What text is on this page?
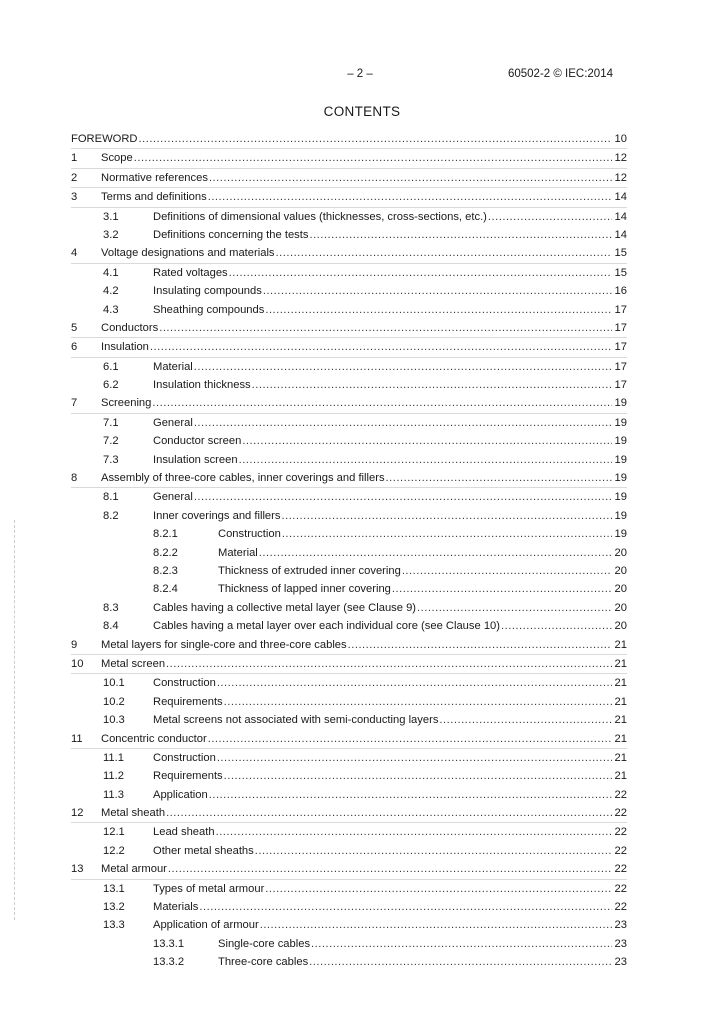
– 2 –	60502-2 © IEC:2014
CONTENTS
FOREWORD .....	10
1 Scope .....	12
2 Normative references .....	12
3 Terms and definitions .....	14
3.1	Definitions of dimensional values (thicknesses, cross-sections, etc.) .....	14
3.2	Definitions concerning the tests .....	14
4 Voltage designations and materials .....	15
4.1	Rated voltages .....	15
4.2	Insulating compounds .....	16
4.3	Sheathing compounds .....	17
5 Conductors .....	17
6 Insulation .....	17
6.1	Material .....	17
6.2	Insulation thickness .....	17
7 Screening .....	19
7.1	General .....	19
7.2	Conductor screen .....	19
7.3	Insulation screen .....	19
8 Assembly of three-core cables, inner coverings and fillers .....	19
8.1	General .....	19
8.2	Inner coverings and fillers .....	19
8.2.1	Construction .....	19
8.2.2	Material .....	20
8.2.3	Thickness of extruded inner covering .....	20
8.2.4	Thickness of lapped inner covering .....	20
8.3	Cables having a collective metal layer (see Clause 9) .....	20
8.4	Cables having a metal layer over each individual core (see Clause 10) .....	20
9 Metal layers for single-core and three-core cables .....	21
10 Metal screen .....	21
10.1	Construction .....	21
10.2	Requirements .....	21
10.3	Metal screens not associated with semi-conducting layers .....	21
11 Concentric conductor .....	21
11.1	Construction .....	21
11.2	Requirements .....	21
11.3	Application .....	22
12 Metal sheath .....	22
12.1	Lead sheath .....	22
12.2	Other metal sheaths .....	22
13 Metal armour .....	22
13.1	Types of metal armour .....	22
13.2	Materials .....	22
13.3	Application of armour .....	23
13.3.1	Single-core cables .....	23
13.3.2	Three-core cables .....	23
